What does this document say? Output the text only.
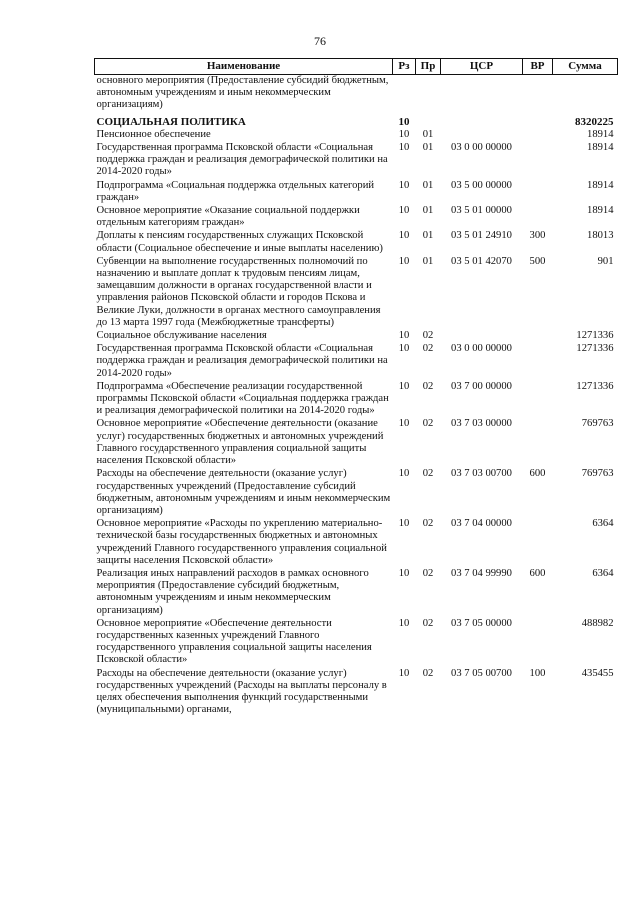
76
Наименование	Рз	Пр	ЦСР	ВР	Сумма
основного мероприятия (Предоставление субсидий бюджетным, автономным учреждениям и иным некоммерческим организациям)					
СОЦИАЛЬНАЯ ПОЛИТИКА	10				8320225
Пенсионное обеспечение	10	01			18914
Государственная программа Псковской области «Социальная поддержка граждан и реализация демографической политики на 2014-2020 годы»	10	01	03 0 00 00000		18914
Подпрограмма «Социальная поддержка отдельных категорий граждан»	10	01	03 5 00 00000		18914
Основное мероприятие «Оказание социальной поддержки отдельным категориям граждан»	10	01	03 5 01 00000		18914
Доплаты к пенсиям государственных служащих Псковской области (Социальное обеспечение и иные выплаты населению)	10	01	03 5 01 24910	300	18013
Субвенции на выполнение государственных полномочий по назначению и выплате доплат к трудовым пенсиям лицам, замещавшим должности в органах государственной власти и управления районов Псковской области и городов Пскова и Великие Луки, должности в органах местного самоуправления до 13 марта 1997 года (Межбюджетные трансферты)	10	01	03 5 01 42070	500	901
Социальное обслуживание населения	10	02			1271336
Государственная программа Псковской области «Социальная поддержка граждан и реализация демографической политики на 2014-2020 годы»	10	02	03 0 00 00000		1271336
Подпрограмма «Обеспечение реализации государственной программы Псковской области «Социальная поддержка граждан и реализация демографической политики на 2014-2020 годы»	10	02	03 7 00 00000		1271336
Основное мероприятие «Обеспечение деятельности (оказание услуг) государственных бюджетных и автономных учреждений Главного государственного управления социальной защиты населения Псковской области»	10	02	03 7 03 00000		769763
Расходы на обеспечение деятельности (оказание услуг) государственных учреждений (Предоставление субсидий бюджетным, автономным учреждениям и иным некоммерческим организациям)	10	02	03 7 03 00700	600	769763
Основное мероприятие «Расходы по укреплению материально-технической базы государственных бюджетных и автономных учреждений Главного государственного управления социальной защиты населения Псковской области»	10	02	03 7 04 00000		6364
Реализация иных направлений расходов в рамках основного мероприятия (Предоставление субсидий бюджетным, автономным учреждениям и иным некоммерческим организациям)	10	02	03 7 04 99990	600	6364
Основное мероприятие «Обеспечение деятельности государственных казенных учреждений Главного государственного управления социальной защиты населения Псковской области»	10	02	03 7 05 00000		488982
Расходы на обеспечение деятельности (оказание услуг) государственных учреждений (Расходы на выплаты персоналу в целях обеспечения выполнения функций государственными (муниципальными) органами,	10	02	03 7 05 00700	100	435455
